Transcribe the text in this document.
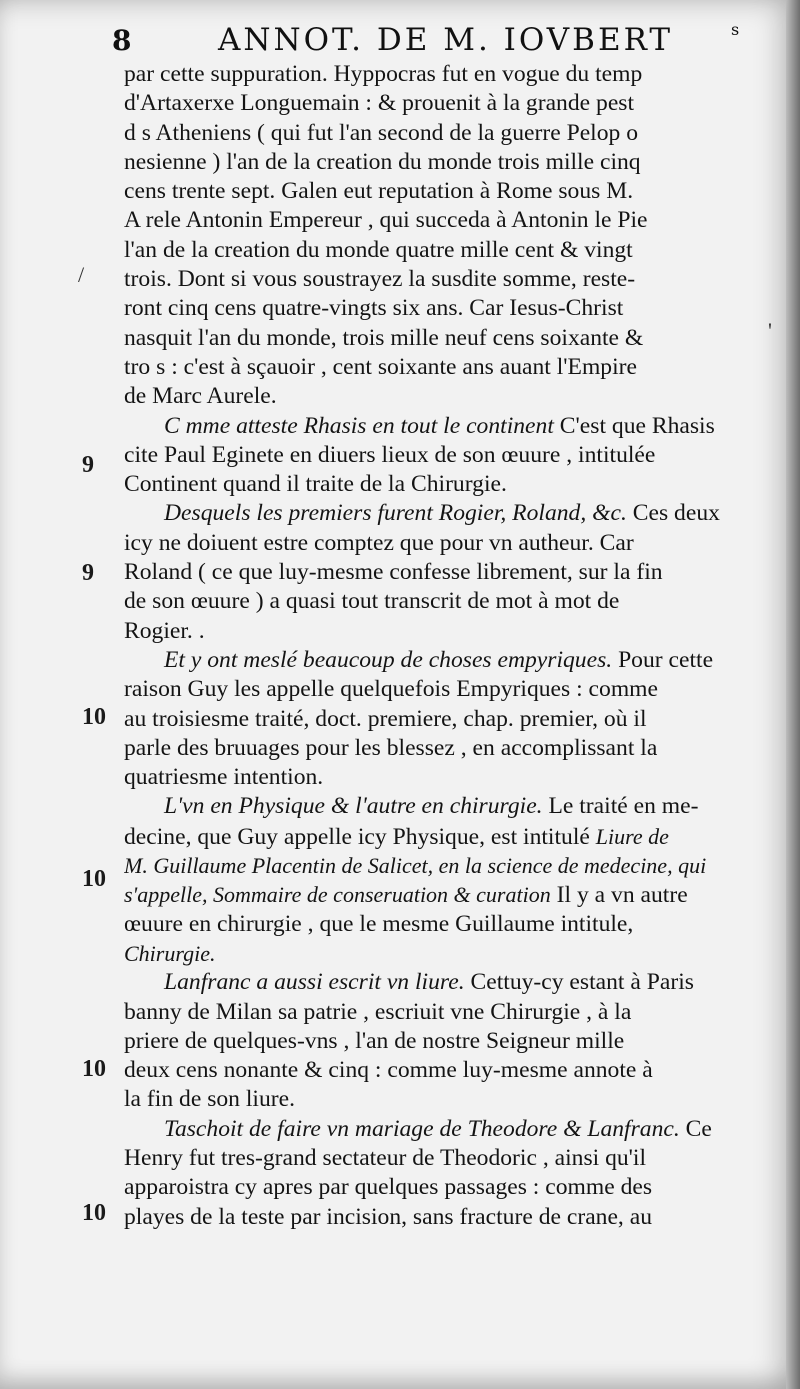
8	ANNOT. DE M. IOVBERT	s
/
'
9
9
10
10
10
10
par cette suppuration. Hyppocras fut en vogue du temp
d'Artaxerxe Longuemain : & prouenit à la grande pest
d s Atheniens ( qui fut l'an second de la guerre Pelop o
nesienne ) l'an de la creation du monde trois mille cinq
cens trente sept. Galen eut reputation à Rome sous M.
A rele Antonin Empereur , qui succeda à Antonin le Pie
l'an de la creation du monde quatre mille cent & vingt
trois. Dont si vous soustrayez la susdite somme, reste-
ront cinq cens quatre-vingts six ans. Car Iesus-Christ
nasquit l'an du monde, trois mille neuf cens soixante &
tro s : c'est à sçauoir , cent soixante ans auant l'Empire
de Marc Aurele.
C mme atteste Rhasis en tout le continent C'est que Rhasis
cite Paul Eginete en diuers lieux de son œuure , intitulée
Continent quand il traite de la Chirurgie.
Desquels les premiers furent Rogier, Roland, &c. Ces deux
icy ne doiuent estre comptez que pour vn autheur. Car
Roland ( ce que luy-mesme confesse librement, sur la fin
de son œuure ) a quasi tout transcrit de mot à mot de
Rogier. .
Et y ont meslé beaucoup de choses empyriques. Pour cette
raison Guy les appelle quelquefois Empyriques : comme
au troisiesme traité, doct. premiere, chap. premier, où il
parle des bruuages pour les blessez , en accomplissant la
quatriesme intention.
L'vn en Physique & l'autre en chirurgie. Le traité en me-
decine, que Guy appelle icy Physique, est intitulé Liure de
M. Guillaume Placentin de Salicet, en la science de medecine, qui
s'appelle, Sommaire de conseruation & curation Il y a vn autre
œuure en chirurgie , que le mesme Guillaume intitule,
Chirurgie.
Lanfranc a aussi escrit vn liure. Cettuy-cy estant à Paris
banny de Milan sa patrie , escriuit vne Chirurgie , à la
priere de quelques-vns , l'an de nostre Seigneur mille
deux cens nonante & cinq : comme luy-mesme annote à
la fin de son liure.
Taschoit de faire vn mariage de Theodore & Lanfranc. Ce
Henry fut tres-grand sectateur de Theodoric , ainsi qu'il
apparoistra cy apres par quelques passages : comme des
playes de la teste par incision, sans fracture de crane, au
